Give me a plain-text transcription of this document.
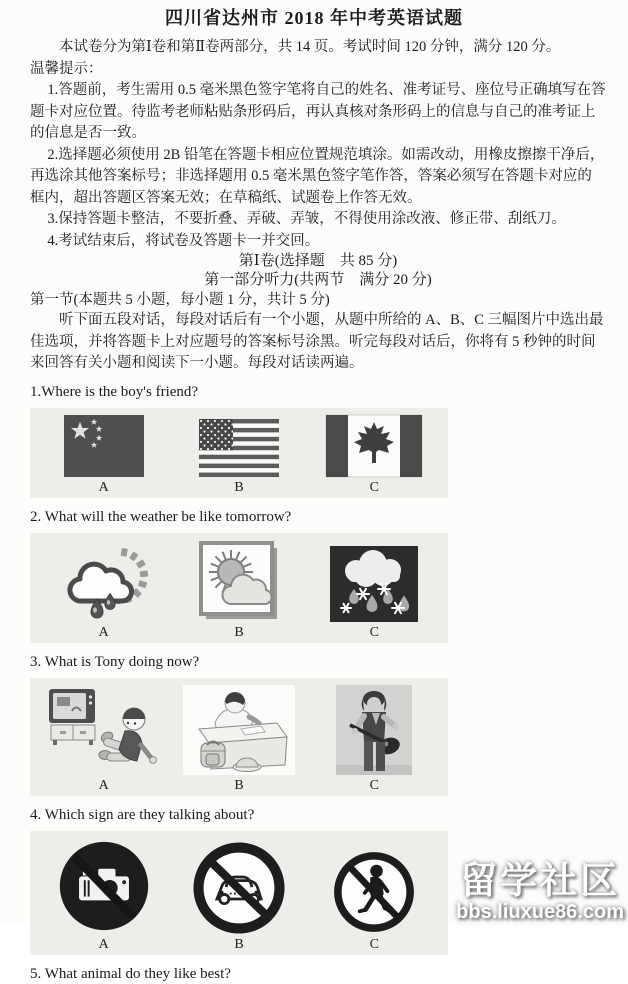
四川省达州市 2018 年中考英语试题

本试卷分为第Ⅰ卷和第Ⅱ卷两部分，共 14 页。考试时间 120 分钟，满分 120 分。

温馨提示：

1.答题前，考生需用 0.5 毫米黑色签字笔将自己的姓名、准考证号、座位号正确填写在答题卡对应位置。待监考老师粘贴条形码后，再认真核对条形码上的信息与自己的准考证上的信息是否一致。

2.选择题必须使用 2B 铅笔在答题卡相应位置规范填涂。如需改动，用橡皮擦擦干净后，再选涂其他答案标号；非选择题用 0.5 毫米黑色签字笔作答，答案必须写在答题卡对应的框内，超出答题区答案无效；在草稿纸、试题卷上作答无效。

3.保持答题卡整洁，不要折叠、弄破、弄皱，不得使用涂改液、修正带、刮纸刀。

4.考试结束后，将试卷及答题卡一并交回。

第Ⅰ卷(选择题　共 85 分)

第一部分听力(共两节　满分 20 分)

第一节(本题共 5 小题，每小题 1 分，共计 5 分)

听下面五段对话，每段对话后有一个小题，从题中所给的 A、B、C 三幅图片中选出最佳选项，并将答题卡上对应题号的答案标号涂黑。听完每段对话后，你将有 5 秒钟的时间来回答有关小题和阅读下一小题。每段对话读两遍。

1.Where is the boy's friend?

A	B	C

2. What will the weather be like tomorrow?

A	B	C

3. What is Tony doing now?

A	B	C

4. Which sign are they talking about?

A	B	C

5. What animal do they like best?

留学社区
bbs.liuxue86.com
